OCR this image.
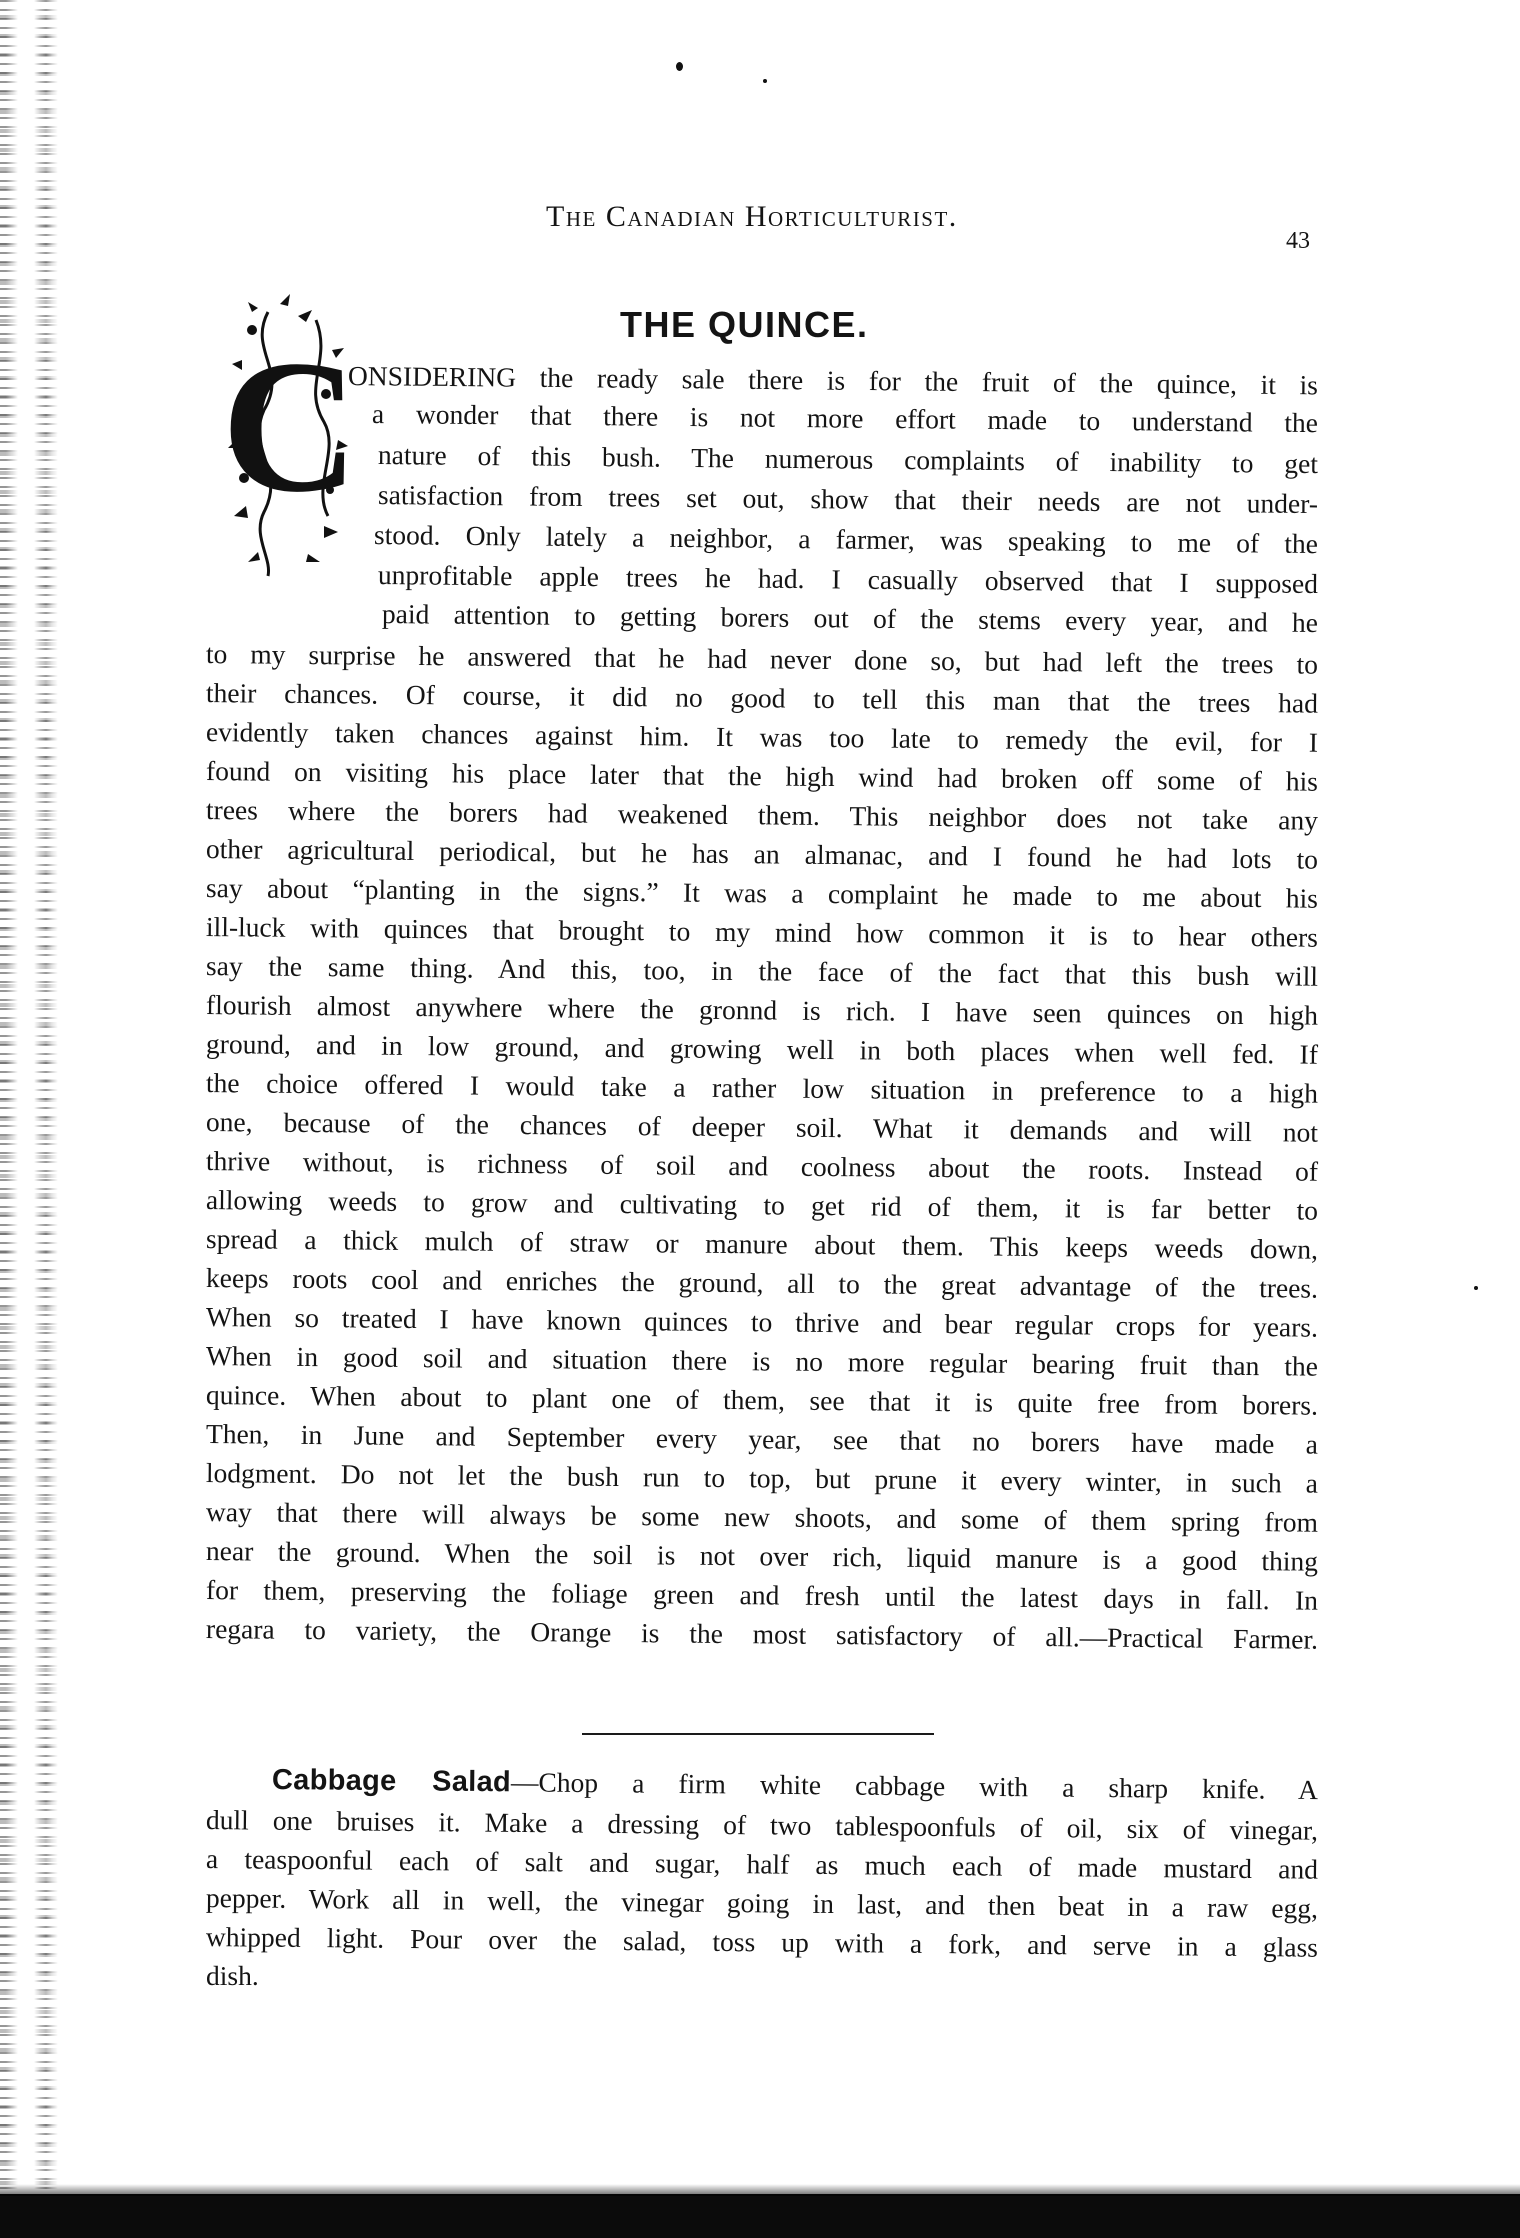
The Canadian Horticulturist.
43
THE QUINCE.
C
ONSIDERING the ready sale there is for the fruit of the quince, it is
a wonder that there is not more effort made to understand the
nature of this bush. The numerous complaints of inability to get
satisfaction from trees set out, show that their needs are not under-
stood. Only lately a neighbor, a farmer, was speaking to me of the
unprofitable apple trees he had. I casually observed that I supposed
paid attention to getting borers out of the stems every year, and he
to my surprise he answered that he had never done so, but had left the trees to
their chances. Of course, it did no good to tell this man that the trees had
evidently taken chances against him. It was too late to remedy the evil, for I
found on visiting his place later that the high wind had broken off some of his
trees where the borers had weakened them. This neighbor does not take any
other agricultural periodical, but he has an almanac, and I found he had lots to
say about “planting in the signs.” It was a complaint he made to me about his
ill-luck with quinces that brought to my mind how common it is to hear others
say the same thing. And this, too, in the face of the fact that this bush will
flourish almost anywhere where the gronnd is rich. I have seen quinces on high
ground, and in low ground, and growing well in both places when well fed. If
the choice offered I would take a rather low situation in preference to a high
one, because of the chances of deeper soil. What it demands and will not
thrive without, is richness of soil and coolness about the roots. Instead of
allowing weeds to grow and cultivating to get rid of them, it is far better to
spread a thick mulch of straw or manure about them. This keeps weeds down,
keeps roots cool and enriches the ground, all to the great advantage of the trees.
When so treated I have known quinces to thrive and bear regular crops for years.
When in good soil and situation there is no more regular bearing fruit than the
quince. When about to plant one of them, see that it is quite free from borers.
Then, in June and September every year, see that no borers have made a
lodgment. Do not let the bush run to top, but prune it every winter, in such a
way that there will always be some new shoots, and some of them spring from
near the ground. When the soil is not over rich, liquid manure is a good thing
for them, preserving the foliage green and fresh until the latest days in fall. In
regara to variety, the Orange is the most satisfactory of all.—Practical Farmer.
Cabbage Salad—Chop a firm white cabbage with a sharp knife. A
dull one bruises it. Make a dressing of two tablespoonfuls of oil, six of vinegar,
a teaspoonful each of salt and sugar, half as much each of made mustard and
pepper. Work all in well, the vinegar going in last, and then beat in a raw egg,
whipped light. Pour over the salad, toss up with a fork, and serve in a glass
dish.
